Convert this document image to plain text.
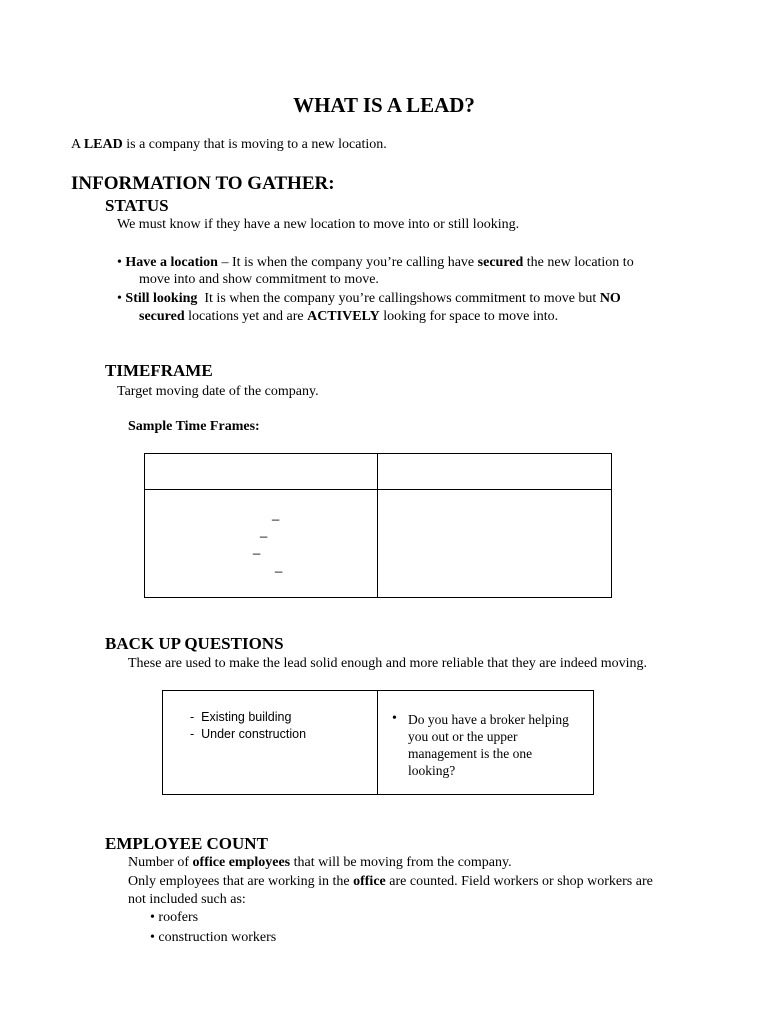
WHAT IS A LEAD?
A LEAD is a company that is moving to a new location.
INFORMATION TO GATHER:
STATUS
We must know if they have a new location to move into or still looking.
• Have a location – It is when the company you’re calling have secured the new location to
move into and show commitment to move.
• Still looking  It is when the company you’re callingshows commitment to move but NO
secured locations yet and are ACTIVELY looking for space to move into.
TIMEFRAME
Target moving date of the company.
Sample Time Frames:
_
_
_
_
BACK UP QUESTIONS
These are used to make the lead solid enough and more reliable that they are indeed moving.
-  Existing building
-  Under construction
• Do you have a broker helping
you out or the upper
management is the one
looking?
EMPLOYEE COUNT
Number of office employees that will be moving from the company.
Only employees that are working in the office are counted. Field workers or shop workers are
not included such as:
• roofers
• construction workers
